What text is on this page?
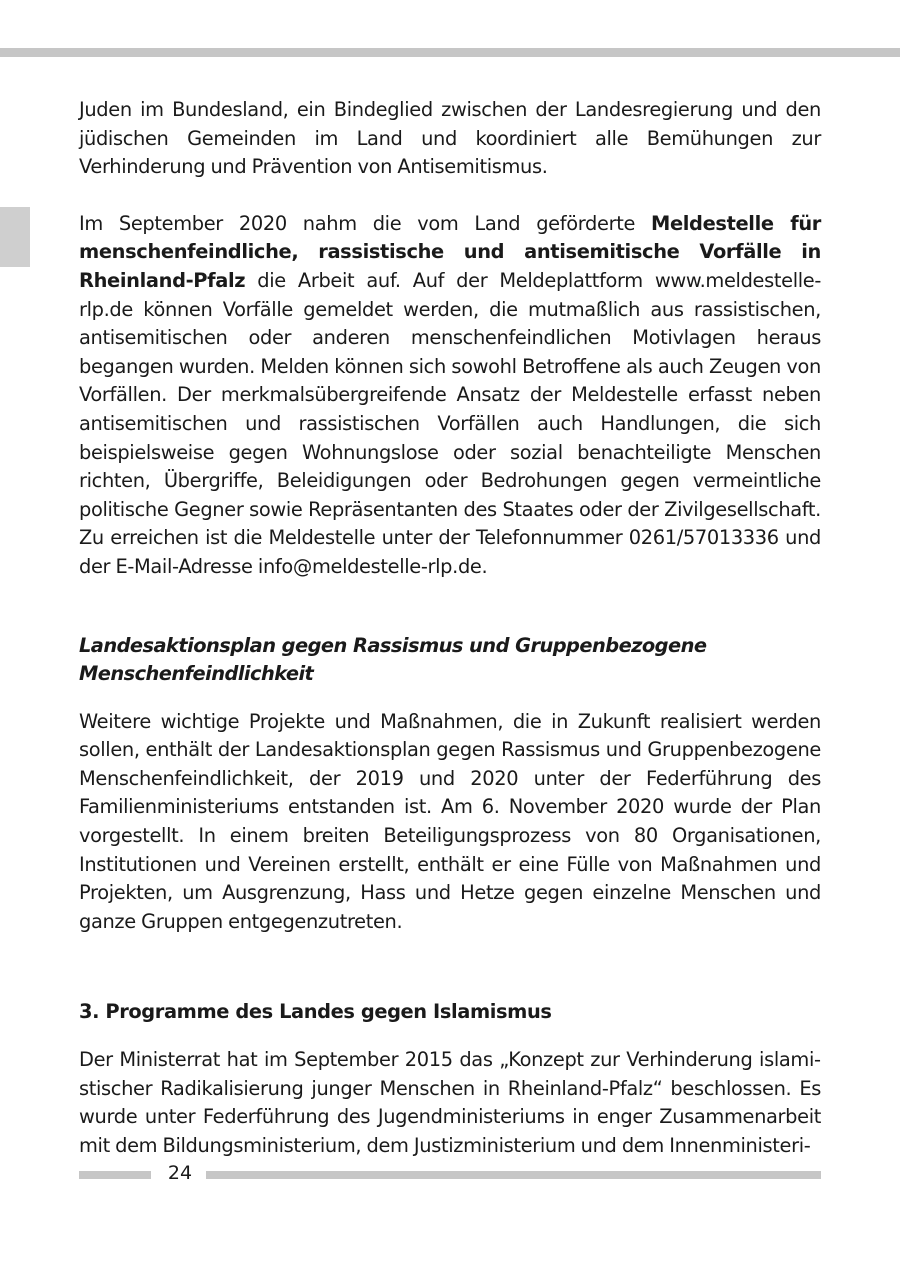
Juden im Bundesland, ein Bindeglied zwischen der Landesregierung und den jüdischen Gemeinden im Land und koordiniert alle Bemühungen zur Verhinderung und Prävention von Antisemitismus.

Im September 2020 nahm die vom Land geförderte Meldestelle für menschenfeindliche, rassistische und antisemitische Vorfälle in Rheinland-Pfalz die Arbeit auf. Auf der Meldeplattform www.meldestelle-rlp.de können Vorfälle gemeldet werden, die mutmaßlich aus rassistischen, antisemitischen oder anderen menschenfeindlichen Motivlagen heraus begangen wurden. Melden können sich sowohl Betroffene als auch Zeugen von Vorfällen. Der merkmalsübergreifende Ansatz der Meldestelle erfasst neben antisemitischen und rassistischen Vorfällen auch Handlungen, die sich beispielsweise gegen Wohnungslose oder sozial benachteiligte Menschen richten, Übergriffe, Beleidigungen oder Bedrohungen gegen vermeintliche politische Gegner sowie Repräsentanten des Staates oder der Zivilgesellschaft. Zu erreichen ist die Meldestelle unter der Telefonnummer 0261/57013336 und der E-Mail-Adresse info@meldestelle-rlp.de.

Landesaktionsplan gegen Rassismus und Gruppenbezogene Menschenfeindlichkeit

Weitere wichtige Projekte und Maßnahmen, die in Zukunft realisiert werden sollen, enthält der Landesaktionsplan gegen Rassismus und Gruppenbezogene Menschenfeindlichkeit, der 2019 und 2020 unter der Federführung des Familienministeriums entstanden ist. Am 6. November 2020 wurde der Plan vorgestellt. In einem breiten Beteiligungsprozess von 80 Organisationen, Institutionen und Vereinen erstellt, enthält er eine Fülle von Maßnahmen und Projekten, um Ausgrenzung, Hass und Hetze gegen einzelne Menschen und ganze Gruppen entgegenzutreten.

3. Programme des Landes gegen Islamismus

Der Ministerrat hat im September 2015 das „Konzept zur Verhinderung islamistischer Radikalisierung junger Menschen in Rheinland-Pfalz“ beschlossen. Es wurde unter Federführung des Jugendministeriums in enger Zusammenarbeit mit dem Bildungsministerium, dem Justizministerium und dem Innenministeri-

24
